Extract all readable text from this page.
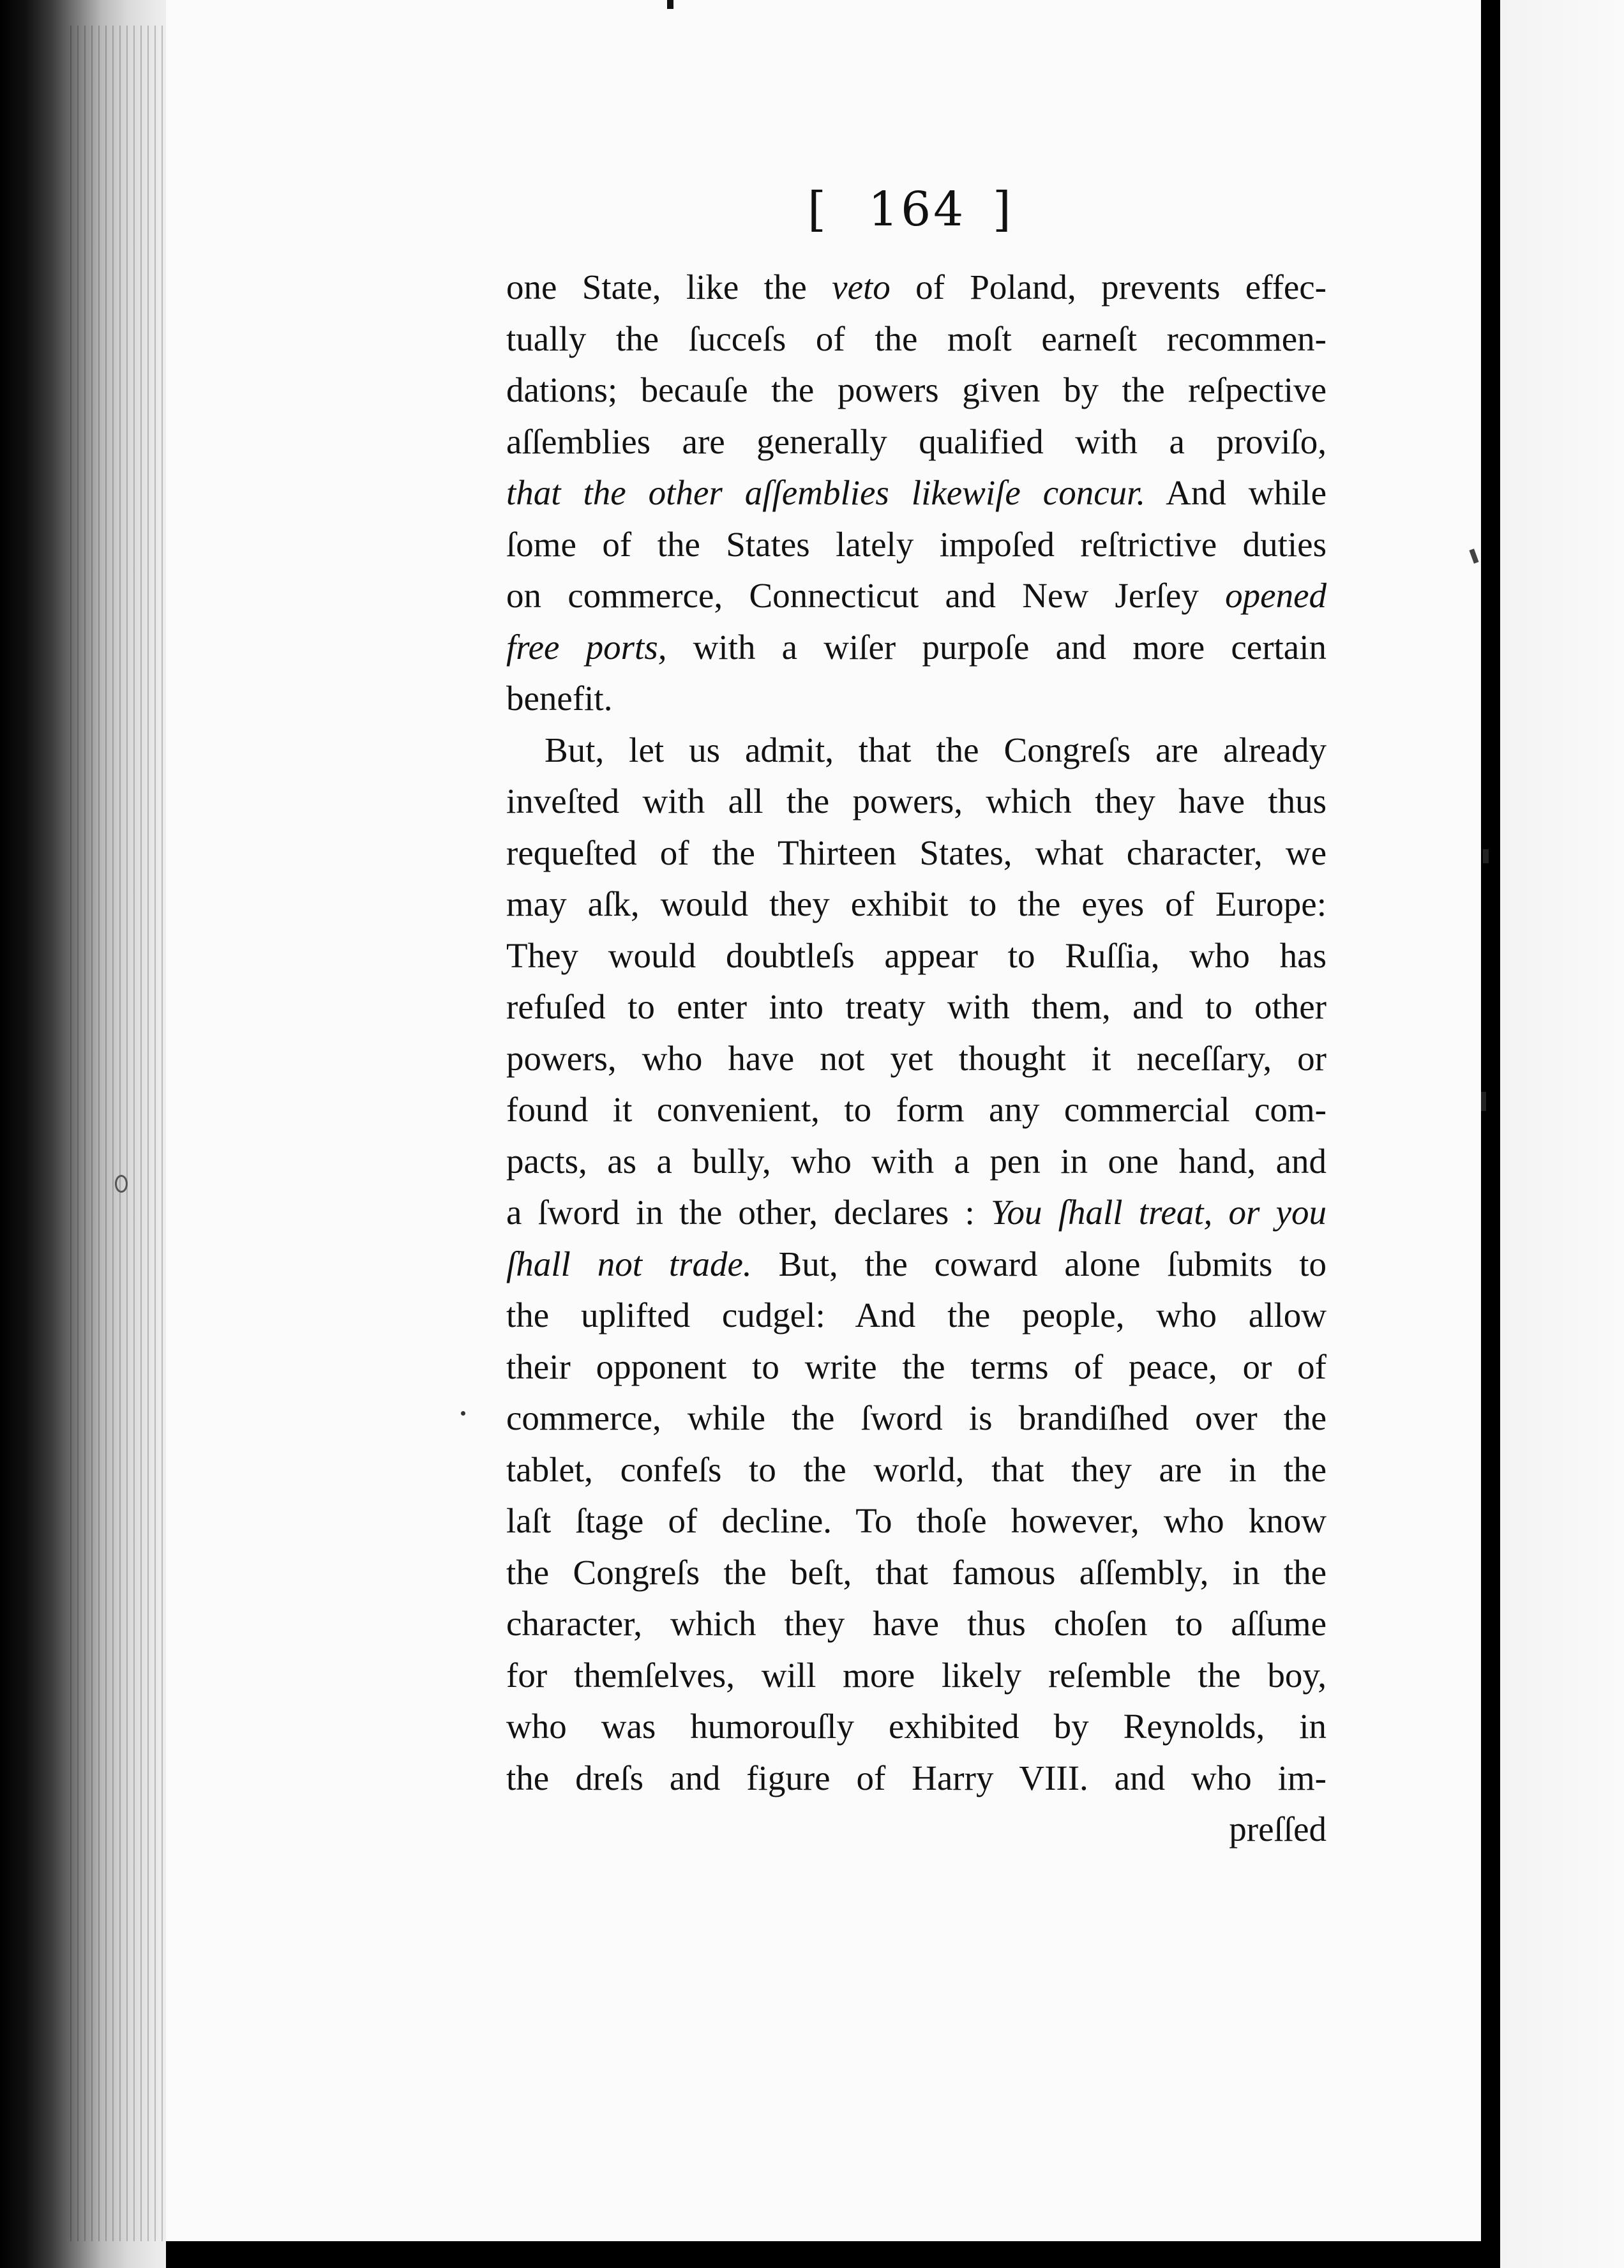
[ 164 ]
one State, like the veto of Poland, prevents effec-
tually the ſucceſs of the moſt earneſt recommen-
dations; becauſe the powers given by the reſpective
aſſemblies are generally qualified with a proviſo,
that the other aſſemblies likewiſe concur. And while
ſome of the States lately impoſed reſtrictive duties
on commerce, Connecticut and New Jerſey opened
free ports, with a wiſer purpoſe and more certain
benefit.
But, let us admit, that the Congreſs are already
inveſted with all the powers, which they have thus
requeſted of the Thirteen States, what character, we
may aſk, would they exhibit to the eyes of Europe:
They would doubtleſs appear to Ruſſia, who has
refuſed to enter into treaty with them, and to other
powers, who have not yet thought it neceſſary, or
found it convenient, to form any commercial com-
pacts, as a bully, who with a pen in one hand, and
a ſword in the other, declares : You ſhall treat, or you
ſhall not trade. But, the coward alone ſubmits to
the uplifted cudgel: And the people, who allow
their opponent to write the terms of peace, or of
commerce, while the ſword is brandiſhed over the
tablet, confeſs to the world, that they are in the
laſt ſtage of decline. To thoſe however, who know
the Congreſs the beſt, that famous aſſembly, in the
character, which they have thus choſen to aſſume
for themſelves, will more likely reſemble the boy,
who was humorouſly exhibited by Reynolds, in
the dreſs and figure of Harry VIII. and who im-
preſſed
